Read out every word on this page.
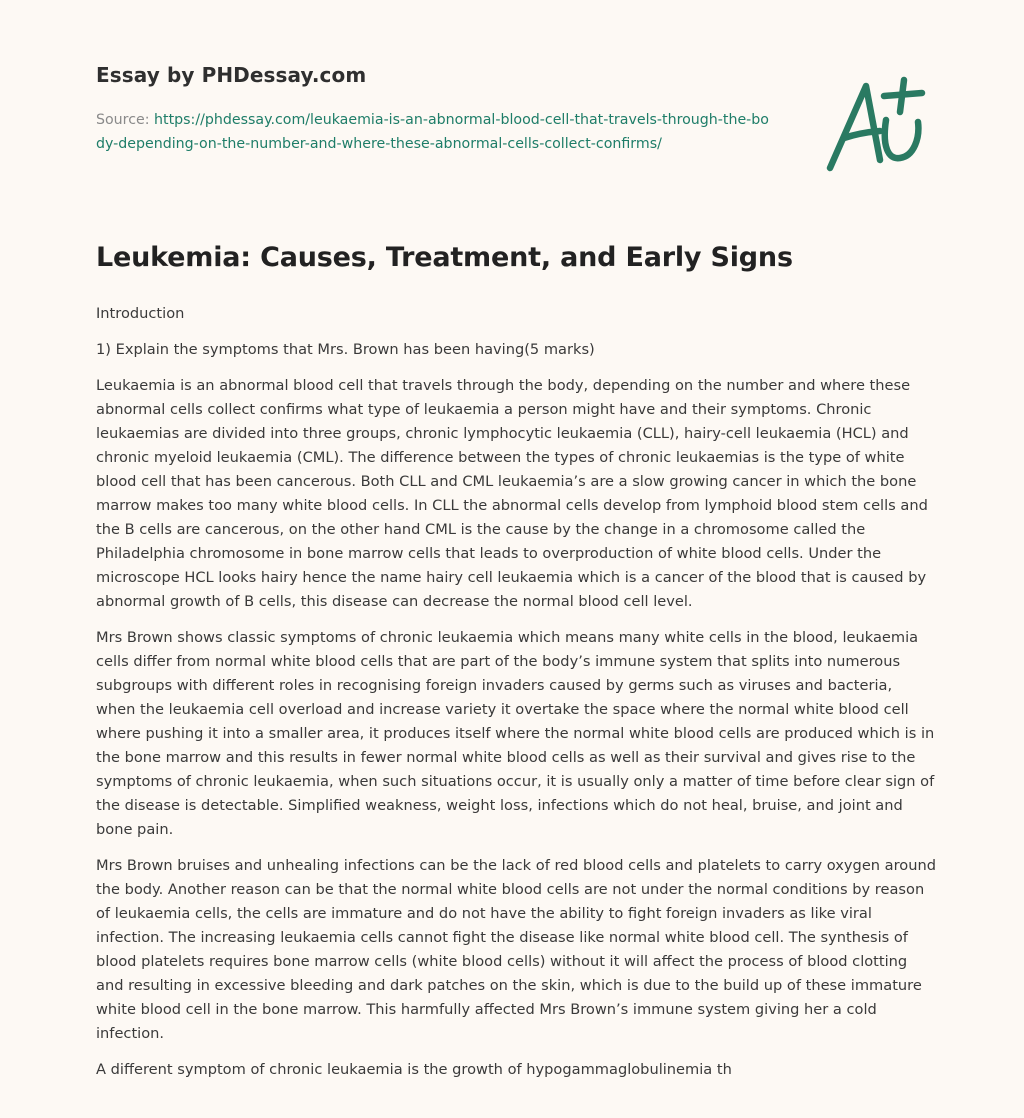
Essay by PHDessay.com
Source: https://phdessay.com/leukaemia-is-an-abnormal-blood-cell-that-travels-through-the-body-depending-on-the-number-and-where-these-abnormal-cells-collect-confirms/
Leukemia: Causes, Treatment, and Early Signs

Introduction

1) Explain the symptoms that Mrs. Brown has been having(5 marks)

Leukaemia is an abnormal blood cell that travels through the body, depending on the number and where these abnormal cells collect confirms what type of leukaemia a person might have and their symptoms. Chronic leukaemias are divided into three groups, chronic lymphocytic leukaemia (CLL), hairy-cell leukaemia (HCL) and chronic myeloid leukaemia (CML). The difference between the types of chronic leukaemias is the type of white blood cell that has been cancerous. Both CLL and CML leukaemia’s are a slow growing cancer in which the bone marrow makes too many white blood cells. In CLL the abnormal cells develop from lymphoid blood stem cells and the B cells are cancerous, on the other hand CML is the cause by the change in a chromosome called the Philadelphia chromosome in bone marrow cells that leads to overproduction of white blood cells. Under the microscope HCL looks hairy hence the name hairy cell leukaemia which is a cancer of the blood that is caused by abnormal growth of B cells, this disease can decrease the normal blood cell level.

Mrs Brown shows classic symptoms of chronic leukaemia which means many white cells in the blood, leukaemia cells differ from normal white blood cells that are part of the body’s immune system that splits into numerous subgroups with different roles in recognising foreign invaders caused by germs such as viruses and bacteria, when the leukaemia cell overload and increase variety it overtake the space where the normal white blood cell where pushing it into a smaller area, it produces itself where the normal white blood cells are produced which is in the bone marrow and this results in fewer normal white blood cells as well as their survival and gives rise to the symptoms of chronic leukaemia, when such situations occur, it is usually only a matter of time before clear sign of the disease is detectable. Simplified weakness, weight loss, infections which do not heal, bruise, and joint and bone pain.

Mrs Brown bruises and unhealing infections can be the lack of red blood cells and platelets to carry oxygen around the body. Another reason can be that the normal white blood cells are not under the normal conditions by reason of leukaemia cells, the cells are immature and do not have the ability to fight foreign invaders as like viral infection. The increasing leukaemia cells cannot fight the disease like normal white blood cell. The synthesis of blood platelets requires bone marrow cells (white blood cells) without it will affect the process of blood clotting and resulting in excessive bleeding and dark patches on the skin, which is due to the build up of these immature white blood cell in the bone marrow. This harmfully affected Mrs Brown’s immune system giving her a cold infection.

A different symptom of chronic leukaemia is the growth of hypogammaglobulinemia th
